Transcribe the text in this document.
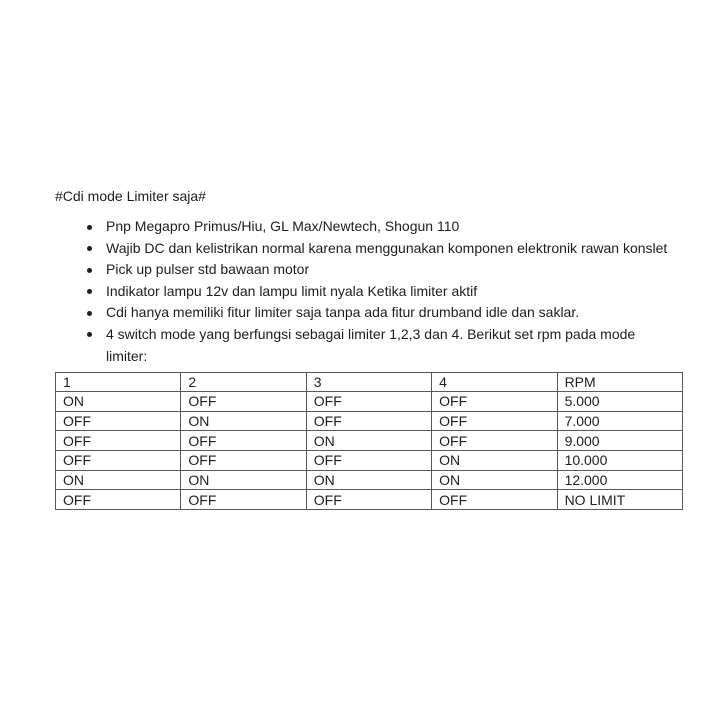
#Cdi mode Limiter saja#
Pnp Megapro Primus/Hiu, GL Max/Newtech, Shogun 110
Wajib DC dan kelistrikan normal karena menggunakan komponen elektronik rawan konslet
Pick up pulser std bawaan motor
Indikator lampu 12v dan lampu limit nyala Ketika limiter aktif
Cdi hanya memiliki fitur limiter saja tanpa ada fitur drumband idle dan saklar.
4 switch mode yang berfungsi sebagai limiter 1,2,3 dan 4. Berikut set rpm pada mode limiter:
1	2	3	4	RPM
ON	OFF	OFF	OFF	5.000
OFF	ON	OFF	OFF	7.000
OFF	OFF	ON	OFF	9.000
OFF	OFF	OFF	ON	10.000
ON	ON	ON	ON	12.000
OFF	OFF	OFF	OFF	NO LIMIT
